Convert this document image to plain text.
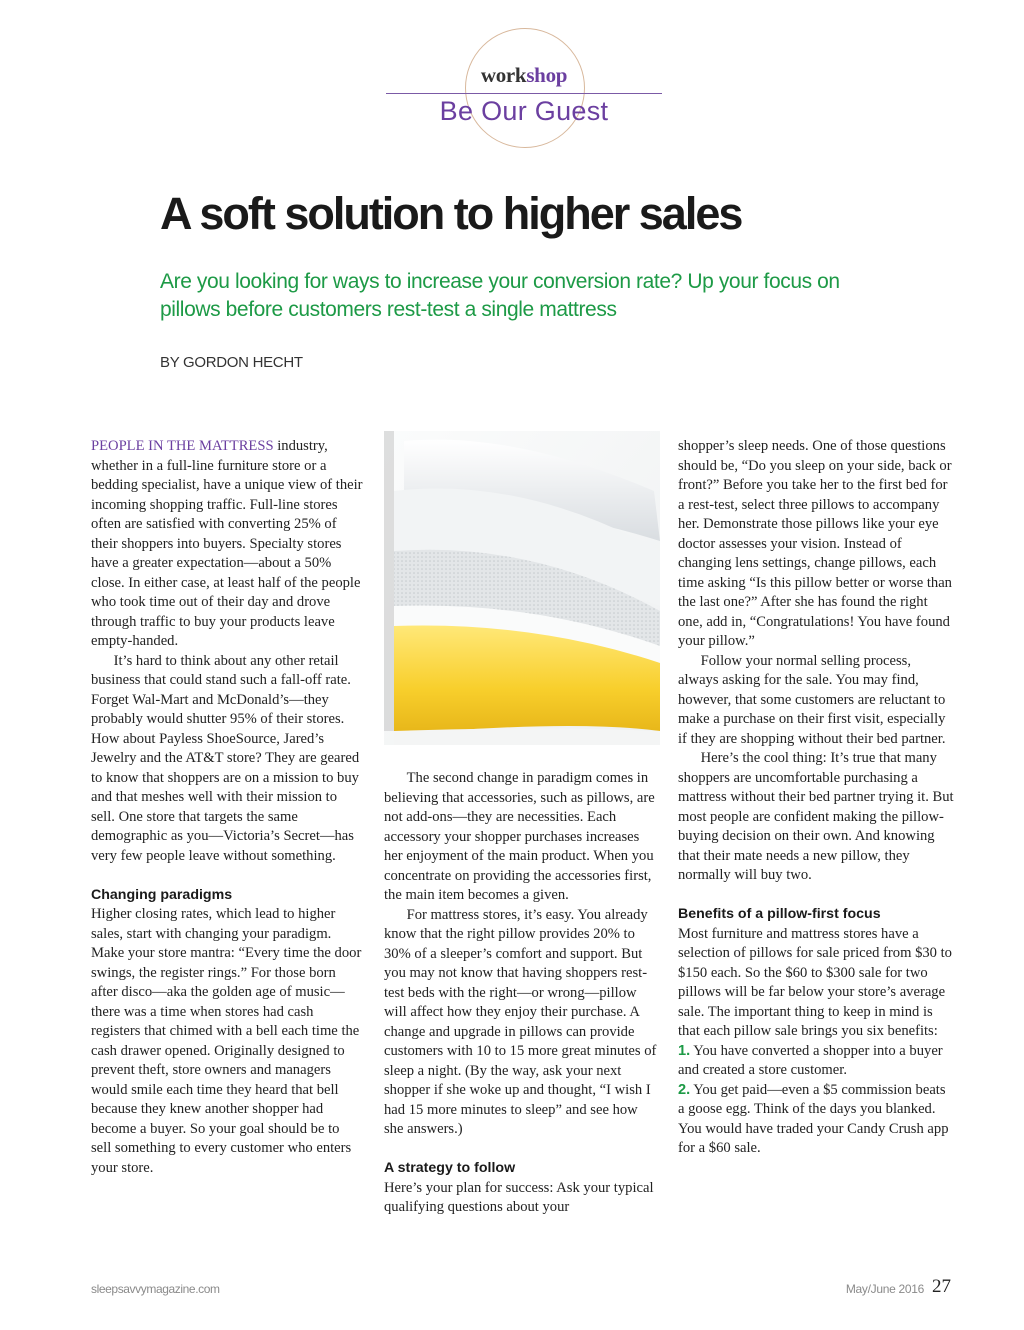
workshop
Be Our Guest
A soft solution to higher sales
Are you looking for ways to increase your conversion rate? Up your focus on pillows before customers rest-test a single mattress
BY GORDON HECHT

PEOPLE IN THE MATTRESS industry, whether in a full-line furniture store or a bedding specialist, have a unique view of their incoming shopping traffic. Full-line stores often are satisfied with converting 25% of their shoppers into buyers. Specialty stores have a greater expectation—about a 50% close. In either case, at least half of the people who took time out of their day and drove through traffic to buy your products leave empty-handed.

It’s hard to think about any other retail business that could stand such a fall-off rate. Forget Wal-Mart and McDonald’s—they probably would shutter 95% of their stores. How about Payless ShoeSource, Jared’s Jewelry and the AT&T store? They are geared to know that shoppers are on a mission to buy and that meshes well with their mission to sell. One store that targets the same demographic as you—Victoria’s Secret—has very few people leave without something.

Changing paradigms

Higher closing rates, which lead to higher sales, start with changing your paradigm. Make your store mantra: “Every time the door swings, the register rings.” For those born after disco—aka the golden age of music—there was a time when stores had cash registers that chimed with a bell each time the cash drawer opened. Originally designed to prevent theft, store owners and managers would smile each time they heard that bell because they knew another shopper had become a buyer. So your goal should be to sell something to every customer who enters your store.

The second change in paradigm comes in believing that accessories, such as pillows, are not add-ons—they are necessities. Each accessory your shopper purchases increases her enjoyment of the main product. When you concentrate on providing the accessories first, the main item becomes a given.

For mattress stores, it’s easy. You already know that the right pillow provides 20% to 30% of a sleeper’s comfort and support. But you may not know that having shoppers rest-test beds with the right—or wrong—pillow will affect how they enjoy their purchase. A change and upgrade in pillows can provide customers with 10 to 15 more great minutes of sleep a night. (By the way, ask your next shopper if she woke up and thought, “I wish I had 15 more minutes to sleep” and see how she answers.)

A strategy to follow

Here’s your plan for success: Ask your typical qualifying questions about your

shopper’s sleep needs. One of those questions should be, “Do you sleep on your side, back or front?” Before you take her to the first bed for a rest-test, select three pillows to accompany her. Demonstrate those pillows like your eye doctor assesses your vision. Instead of changing lens settings, change pillows, each time asking “Is this pillow better or worse than the last one?” After she has found the right one, add in, “Congratulations! You have found your pillow.”

Follow your normal selling process, always asking for the sale. You may find, however, that some customers are reluctant to make a purchase on their first visit, especially if they are shopping without their bed partner.

Here’s the cool thing: It’s true that many shoppers are uncomfortable purchasing a mattress without their bed partner trying it. But most people are confident making the pillow-buying decision on their own. And knowing that their mate needs a new pillow, they normally will buy two.

Benefits of a pillow-first focus

Most furniture and mattress stores have a selection of pillows for sale priced from $30 to $150 each. So the $60 to $300 sale for two pillows will be far below your store’s average sale. The important thing to keep in mind is that each pillow sale brings you six benefits:

1. You have converted a shopper into a buyer and created a store customer.

2. You get paid—even a $5 commission beats a goose egg. Think of the days you blanked. You would have traded your Candy Crush app for a $60 sale.

sleepsavvymagazine.com	May/June 2016 27
